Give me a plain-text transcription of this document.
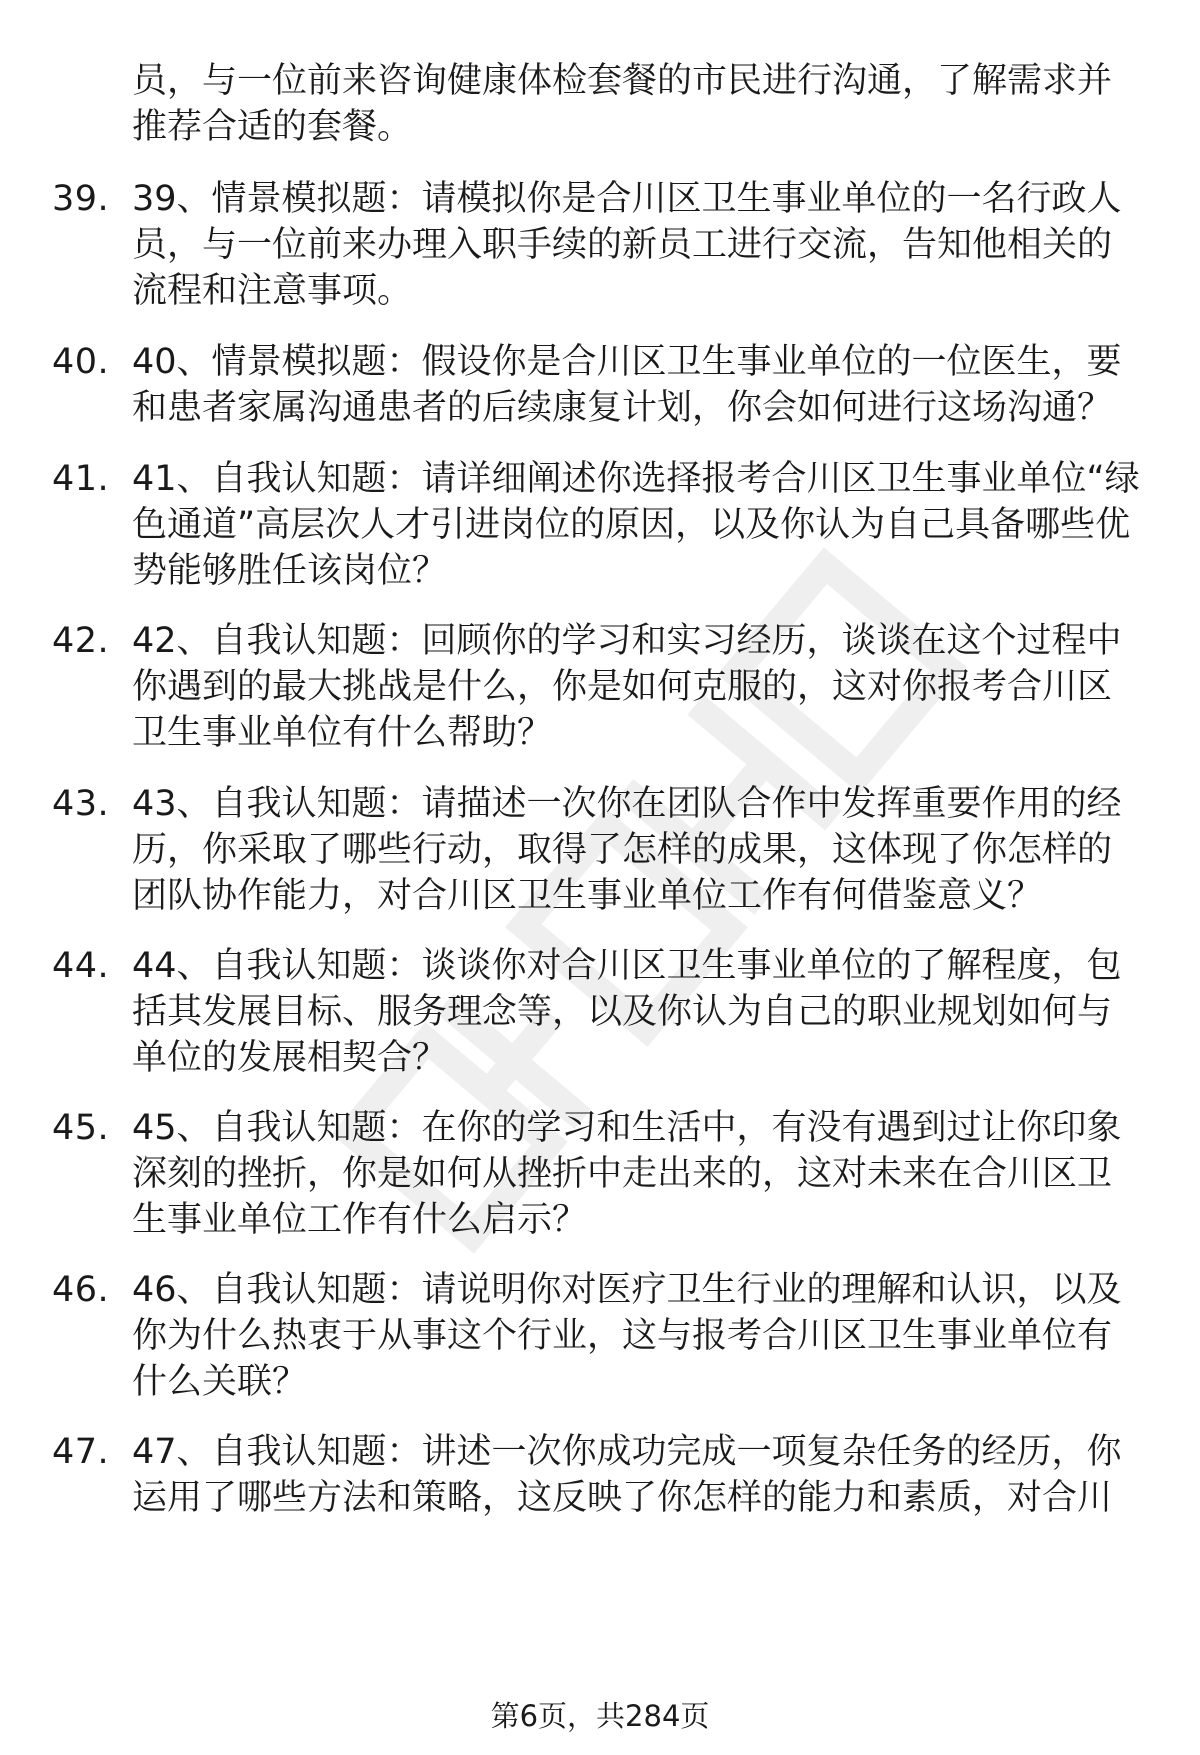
员，与一位前来咨询健康体检套餐的市民进行沟通，了解需求并推荐合适的套餐。

39. 39、情景模拟题：请模拟你是合川区卫生事业单位的一名行政人员，与一位前来办理入职手续的新员工进行交流，告知他相关的流程和注意事项。

40. 40、情景模拟题：假设你是合川区卫生事业单位的一位医生，要和患者家属沟通患者的后续康复计划，你会如何进行这场沟通？

41. 41、自我认知题：请详细阐述你选择报考合川区卫生事业单位“绿色通道”高层次人才引进岗位的原因，以及你认为自己具备哪些优势能够胜任该岗位？

42. 42、自我认知题：回顾你的学习和实习经历，谈谈在这个过程中你遇到的最大挑战是什么，你是如何克服的，这对你报考合川区卫生事业单位有什么帮助？

43. 43、自我认知题：请描述一次你在团队合作中发挥重要作用的经历，你采取了哪些行动，取得了怎样的成果，这体现了你怎样的团队协作能力，对合川区卫生事业单位工作有何借鉴意义？

44. 44、自我认知题：谈谈你对合川区卫生事业单位的了解程度，包括其发展目标、服务理念等，以及你认为自己的职业规划如何与单位的发展相契合？

45. 45、自我认知题：在你的学习和生活中，有没有遇到过让你印象深刻的挫折，你是如何从挫折中走出来的，这对未来在合川区卫生事业单位工作有什么启示？

46. 46、自我认知题：请说明你对医疗卫生行业的理解和认识，以及你为什么热衷于从事这个行业，这与报考合川区卫生事业单位有什么关联？

47. 47、自我认知题：讲述一次你成功完成一项复杂任务的经历，你运用了哪些方法和策略，这反映了你怎样的能力和素质，对合川

第6页，共284页
